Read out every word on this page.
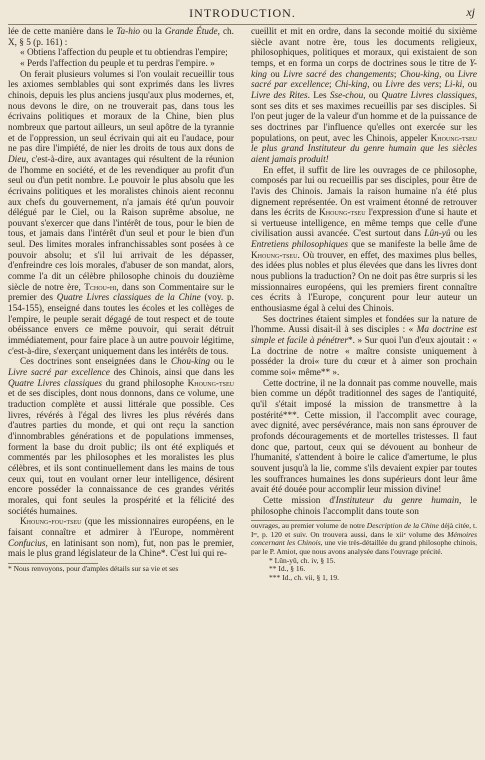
INTRODUCTION.	xj

lée de cette manière dans le Ta-hio ou la Grande Étude, ch. X, § 5 (p. 161) :

« Obtiens l'affection du peuple et tu obtiendras l'empire;

« Perds l'affection du peuple et tu perdras l'empire. »

On ferait plusieurs volumes si l'on voulait recueillir tous les axiomes semblables qui sont exprimés dans les livres chinois, depuis les plus anciens jusqu'aux plus modernes, et, nous devons le dire, on ne trouverait pas, dans tous les écrivains politiques et moraux de la Chine, bien plus nombreux que partout ailleurs, un seul apôtre de la tyrannie et de l'oppression, un seul écrivain qui ait eu l'audace, pour ne pas dire l'impiété, de nier les droits de tous aux dons de Dieu, c'est-à-dire, aux avantages qui résultent de la réunion de l'homme en société, et de les revendiquer au profit d'un seul ou d'un petit nombre. Le pouvoir le plus absolu que les écrivains politiques et les moralistes chinois aient reconnu aux chefs du gouvernement, n'a jamais été qu'un pouvoir délégué par le Ciel, ou la Raison suprême absolue, ne pouvant s'exercer que dans l'intérêt de tous, pour le bien de tous, et jamais dans l'intérêt d'un seul et pour le bien d'un seul. Des limites morales infranchissables sont posées à ce pouvoir absolu; et s'il lui arrivait de les dépasser, d'enfreindre ces lois morales, d'abuser de son mandat, alors, comme l'a dit un célèbre philosophe chinois du douzième siècle de notre ère, Tchou-hi, dans son Commentaire sur le premier des Quatre Livres classiques de la Chine (voy. p. 154-155), enseigné dans toutes les écoles et les collèges de l'empire, le peuple serait dégagé de tout respect et de toute obéissance envers ce même pouvoir, qui serait détruit immédiatement, pour faire place à un autre pouvoir légitime, c'est-à-dire, s'exerçant uniquement dans les intérêts de tous.

Ces doctrines sont enseignées dans le Chou-king ou le Livre sacré par excellence des Chinois, ainsi que dans les Quatre Livres classiques du grand philosophe Khoung-tseu et de ses disciples, dont nous donnons, dans ce volume, une traduction complète et aussi littérale que possible. Ces livres, révérés à l'égal des livres les plus révérés dans d'autres parties du monde, et qui ont reçu la sanction d'innombrables générations et de populations immenses, forment la base du droit public; ils ont été expliqués et commentés par les philosophes et les moralistes les plus célèbres, et ils sont continuellement dans les mains de tous ceux qui, tout en voulant orner leur intelligence, désirent encore posséder la connaissance de ces grandes vérités morales, qui font seules la prospérité et la félicité des sociétés humaines.

Khoung-fou-tseu (que les missionnaires européens, en le faisant connaître et admirer à l'Europe, nommèrent Confucius, en latinisant son nom), fut, non pas le premier, mais le plus grand législateur de la Chine*. C'est lui qui re-

* Nous renvoyons, pour d'amples détails sur sa vie et ses

cueillit et mit en ordre, dans la seconde moitié du sixième siècle avant notre ère, tous les documents religieux, philosophiques, politiques et moraux, qui existaient de son temps, et en forma un corps de doctrines sous le titre de Y-king ou Livre sacré des changements; Chou-king, ou Livre sacré par excellence; Chi-king, ou Livre des vers; Li-ki, ou Livre des Rites. Les Sse-chou, ou Quatre Livres classiques, sont ses dits et ses maximes recueillis par ses disciples. Si l'on peut juger de la valeur d'un homme et de la puissance de ses doctrines par l'influence qu'elles ont exercée sur les populations, on peut, avec les Chinois, appeler Khoung-tseu le plus grand Instituteur du genre humain que les siècles aient jamais produit!

En effet, il suffit de lire les ouvrages de ce philosophe, composés par lui ou recueillis par ses disciples, pour être de l'avis des Chinois. Jamais la raison humaine n'a été plus dignement représentée. On est vraiment étonné de retrouver dans les écrits de Khoung-tseu l'expression d'une si haute et si vertueuse intelligence, en même temps que celle d'une civilisation aussi avancée. C'est surtout dans Lûn-yû ou les Entretiens philosophiques que se manifeste la belle âme de Khoung-tseu. Où trouver, en effet, des maximes plus belles, des idées plus nobles et plus élevées que dans les livres dont nous publions la traduction? On ne doit pas être surpris si les missionnaires européens, qui les premiers firent connaître ces écrits à l'Europe, conçurent pour leur auteur un enthousiasme égal à celui des Chinois.

Ses doctrines étaient simples et fondées sur la nature de l'homme. Aussi disait-il à ses disciples : « Ma doctrine est simple et facile à pénétrer*. » Sur quoi l'un d'eux ajoutait : « La doctrine de notre « maître consiste uniquement à posséder la droi« ture du cœur et à aimer son prochain comme soi« même** ».

Cette doctrine, il ne la donnait pas comme nouvelle, mais bien comme un dépôt traditionnel des sages de l'antiquité, qu'il s'était imposé la mission de transmettre à la postérité***. Cette mission, il l'accomplit avec courage, avec dignité, avec persévérance, mais non sans éprouver de profonds découragements et de mortelles tristesses. Il faut donc que, partout, ceux qui se dévouent au bonheur de l'humanité, s'attendent à boire le calice d'amertume, le plus souvent jusqu'à la lie, comme s'ils devaient expier par toutes les souffrances humaines les dons supérieurs dont leur âme avait été douée pour accomplir leur mission divine!

Cette mission d'Instituteur du genre humain, le philosophe chinois l'accomplit dans toute son

ouvrages, au premier volume de notre Description de la Chine déjà citée, t. Iᵉʳ, p. 120 et suiv. On trouvera aussi, dans le xiiᵉ volume des Mémoires concernant les Chinois, une vie très-détaillée du grand philosophe chinois, par le P. Amiot, que nous avons analysée dans l'ouvrage précité.
* Lûn-yû, ch. iv, § 15.
** Id., § 16.
*** Id., ch. vii, § 1, 19.
